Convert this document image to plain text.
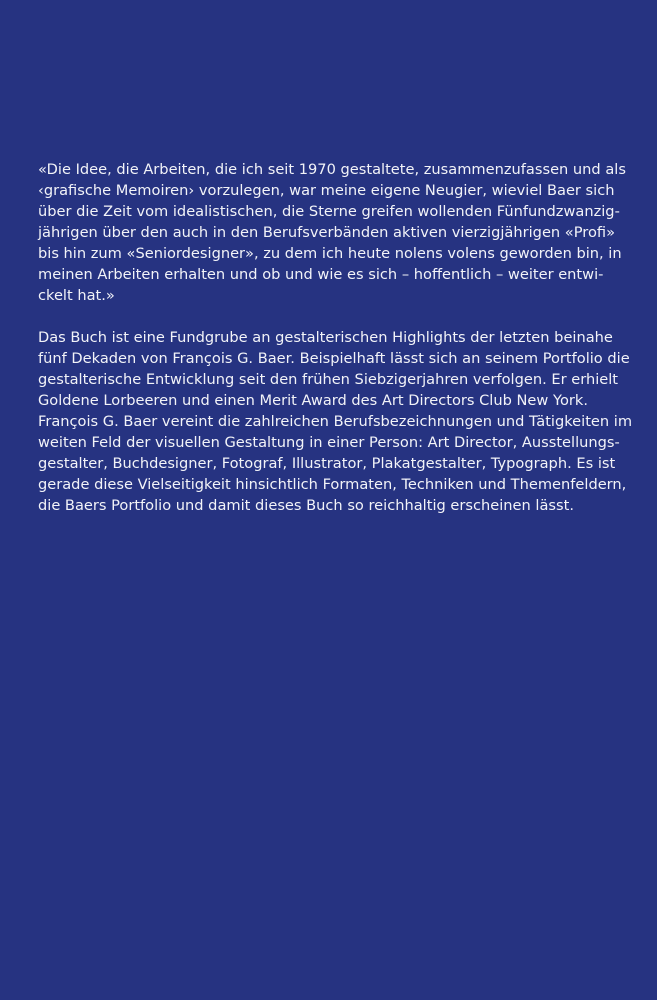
«Die Idee, die Arbeiten, die ich seit 1970 gestaltete, zusammenzufassen und als
‹grafische Memoiren› vorzulegen, war meine eigene Neugier, wieviel Baer sich
über die Zeit vom idealistischen, die Sterne greifen wollenden Fünfundzwanzig-
jährigen über den auch in den Berufsverbänden aktiven vierzigjährigen «Profi»
bis hin zum «Seniordesigner», zu dem ich heute nolens volens geworden bin, in
meinen Arbeiten erhalten und ob und wie es sich – hoffentlich – weiter entwi-
ckelt hat.»

Das Buch ist eine Fundgrube an gestalterischen Highlights der letzten beinahe
fünf Dekaden von François G. Baer. Beispielhaft lässt sich an seinem Portfolio die
gestalterische Entwicklung seit den frühen Siebzigerjahren verfolgen. Er erhielt
Goldene Lorbeeren und einen Merit Award des Art Directors Club New York.
François G. Baer vereint die zahlreichen Berufsbezeichnungen und Tätigkeiten im
weiten Feld der visuellen Gestaltung in einer Person: Art Director, Ausstellungs-
gestalter, Buchdesigner, Fotograf, Illustrator, Plakatgestalter, Typograph. Es ist
gerade diese Vielseitigkeit hinsichtlich Formaten, Techniken und Themenfeldern,
die Baers Portfolio und damit dieses Buch so reichhaltig erscheinen lässt.
